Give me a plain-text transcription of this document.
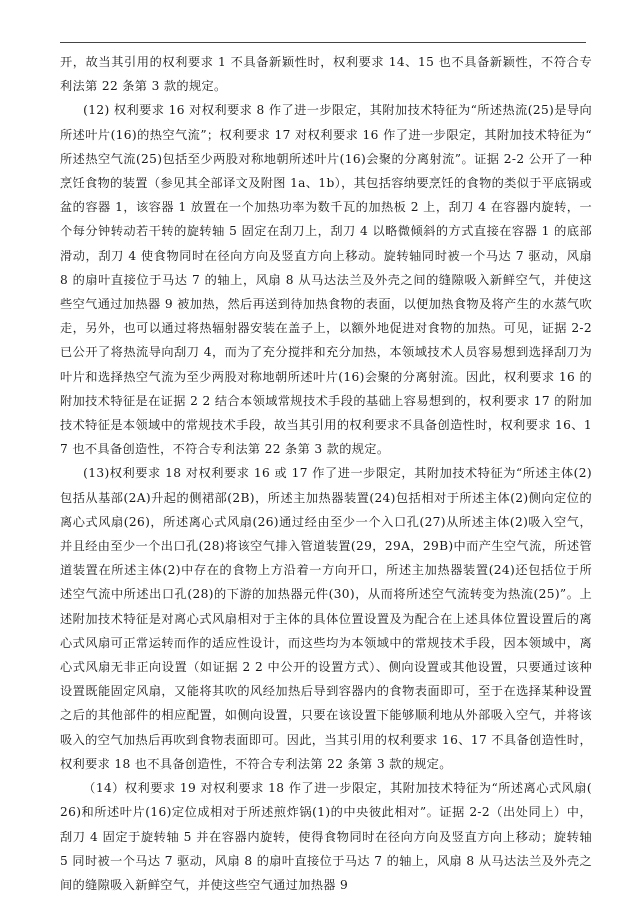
开，故当其引用的权利要求 1 不具备新颖性时，权利要求 14、15 也不具备新颖性，不符合专利法第 22 条第 3 款的规定。

(12) 权利要求 16 对权利要求 8 作了进一步限定，其附加技术特征为“所述热流(25)是导向所述叶片(16)的热空气流”；权利要求 17 对权利要求 16 作了进一步限定，其附加技术特征为“所述热空气流(25)包括至少两股对称地朝所述叶片(16)会聚的分离射流”。证据 2-2 公开了一种烹饪食物的装置（参见其全部译文及附图 1a、1b），其包括容纳要烹饪的食物的类似于平底锅或盆的容器 1，该容器 1 放置在一个加热功率为数千瓦的加热板 2 上，刮刀 4 在容器内旋转，一个每分钟转动若干转的旋转轴 5 固定在刮刀上，刮刀 4 以略微倾斜的方式直接在容器 1 的底部滑动，刮刀 4 使食物同时在径向方向及竖直方向上移动。旋转轴同时被一个马达 7 驱动，风扇 8 的扇叶直接位于马达 7 的轴上，风扇 8 从马达法兰及外壳之间的缝隙吸入新鲜空气，并使这些空气通过加热器 9 被加热，然后再送到待加热食物的表面，以便加热食物及将产生的水蒸气吹走，另外，也可以通过将热辐射器安装在盖子上，以额外地促进对食物的加热。可见，证据 2-2 已公开了将热流导向刮刀 4，而为了充分搅拌和充分加热，本领域技术人员容易想到选择刮刀为叶片和选择热空气流为至少两股对称地朝所述叶片(16)会聚的分离射流。因此，权利要求 16 的附加技术特征是在证据 2 2 结合本领域常规技术手段的基础上容易想到的，权利要求 17 的附加技术特征是本领域中的常规技术手段，故当其引用的权利要求不具备创造性时，权利要求 16、17 也不具备创造性，不符合专利法第 22 条第 3 款的规定。

(13)权利要求 18 对权利要求 16 或 17 作了进一步限定，其附加技术特征为“所述主体(2)包括从基部(2A)升起的侧裙部(2B)，所述主加热器装置(24)包括相对于所述主体(2)侧向定位的离心式风扇(26)，所述离心式风扇(26)通过经由至少一个入口孔(27)从所述主体(2)吸入空气，并且经由至少一个出口孔(28)将该空气排入管道装置(29，29A，29B)中而产生空气流，所述管道装置在所述主体(2)中存在的食物上方沿着一方向开口，所述主加热器装置(24)还包括位于所述空气流中所述出口孔(28)的下游的加热器元件(30)，从而将所述空气流转变为热流(25)”。上述附加技术特征是对离心式风扇相对于主体的具体位置设置及为配合在上述具体位置设置后的离心式风扇可正常运转而作的适应性设计，而这些均为本领域中的常规技术手段，因本领域中，离心式风扇无非正向设置（如证据 2 2 中公开的设置方式）、侧向设置或其他设置，只要通过该种设置既能固定风扇，又能将其吹的风经加热后导到容器内的食物表面即可，至于在选择某种设置之后的其他部件的相应配置，如侧向设置，只要在该设置下能够顺利地从外部吸入空气，并将该吸入的空气加热后再吹到食物表面即可。因此，当其引用的权利要求 16、17 不具备创造性时，权利要求 18 也不具备创造性，不符合专利法第 22 条第 3 款的规定。

（14）权利要求 19 对权利要求 18 作了进一步限定，其附加技术特征为“所述离心式风扇(26)和所述叶片(16)定位成相对于所述煎炸锅(1)的中央彼此相对”。证据 2-2（出处同上）中，刮刀 4 固定于旋转轴 5 并在容器内旋转，使得食物同时在径向方向及竖直方向上移动；旋转轴 5 同时被一个马达 7 驱动，风扇 8 的扇叶直接位于马达 7 的轴上，风扇 8 从马达法兰及外壳之间的缝隙吸入新鲜空气，并使这些空气通过加热器 9
